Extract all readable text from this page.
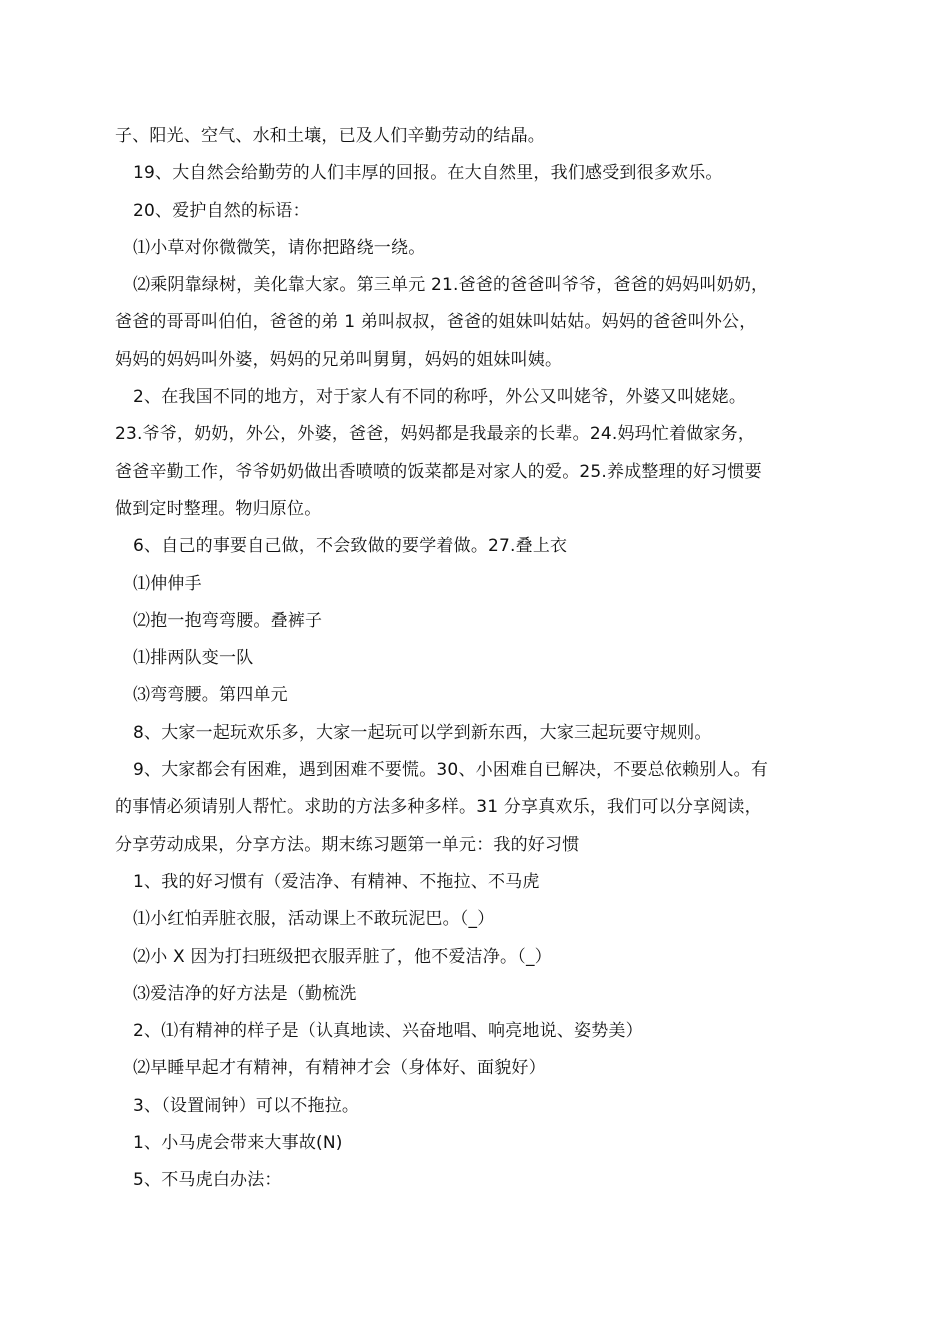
子、阳光、空气、水和土壤，已及人们辛勤劳动的结晶。
19、大自然会给勤劳的人们丰厚的回报。在大自然里，我们感受到很多欢乐。
20、爱护自然的标语：
⑴小草对你微微笑，请你把路绕一绕。
⑵乘阴靠绿树，美化靠大家。第三单元 21.爸爸的爸爸叫爷爷，爸爸的妈妈叫奶奶，
爸爸的哥哥叫伯伯，爸爸的弟 1 弟叫叔叔，爸爸的姐妹叫姑姑。妈妈的爸爸叫外公，
妈妈的妈妈叫外婆，妈妈的兄弟叫舅舅，妈妈的姐妹叫姨。
2、在我国不同的地方，对于家人有不同的称呼，外公又叫姥爷，外婆又叫姥姥。
23.爷爷，奶奶，外公，外婆，爸爸，妈妈都是我最亲的长辈。24.妈玛忙着做家务，
爸爸辛勤工作，爷爷奶奶做出香喷喷的饭菜都是对家人的爱。25.养成整理的好习惯要
做到定时整理。物归原位。
6、自己的事要自己做，不会致做的要学着做。27.叠上衣
⑴伸伸手
⑵抱一抱弯弯腰。叠裤子
⑴排两队变一队
⑶弯弯腰。第四单元
8、大家一起玩欢乐多，大家一起玩可以学到新东西，大家三起玩要守规则。
9、大家都会有困难，遇到困难不要慌。30、小困难自已解决，不要总依赖别人。有
的事情必须请别人帮忙。求助的方法多种多样。31 分享真欢乐，我们可以分享阅读，
分享劳动成果，分享方法。期末练习题第一单元：我的好习惯
1、我的好习惯有（爱洁净、有精神、不拖拉、不马虎
⑴小红怕弄脏衣服，活动课上不敢玩泥巴。（_）
⑵小 X 因为打扫班级把衣服弄脏了，他不爱洁净。（_）
⑶爱洁净的好方法是（勤梳洗
2、⑴有精神的样子是（认真地读、兴奋地唱、响亮地说、姿势美）
⑵早睡早起才有精神，有精神才会（身体好、面貌好）
3、（设置闹钟）可以不拖拉。
1、小马虎会带来大事故(N)
5、不马虎白办法：
